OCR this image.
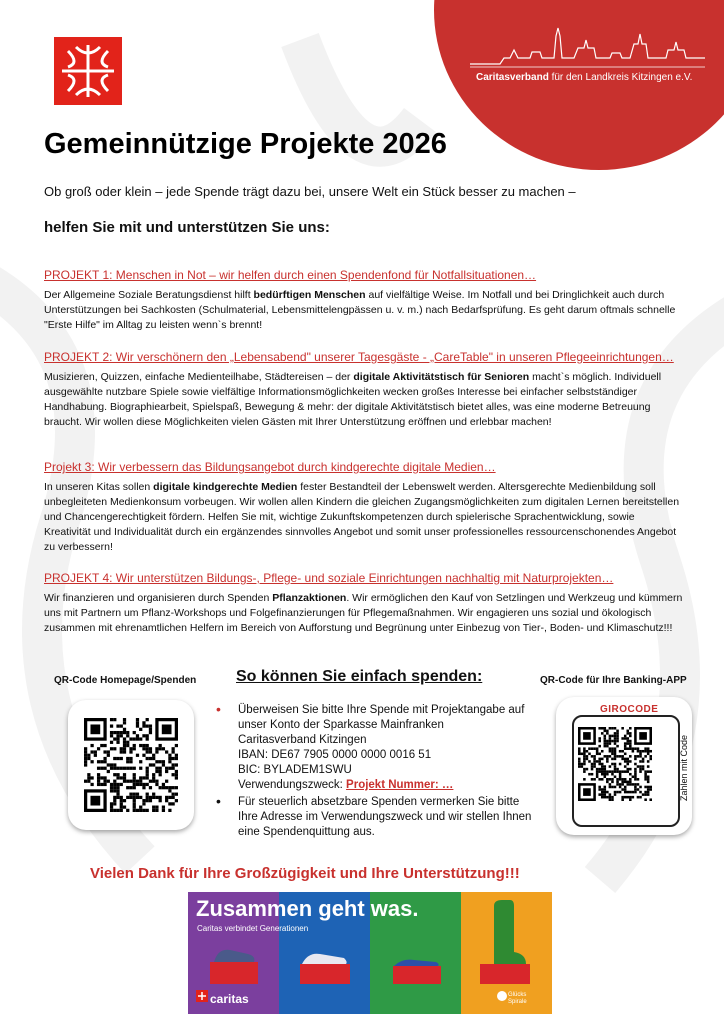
Caritasverband für den Landkreis Kitzingen e.V.
Gemeinnützige Projekte 2026
Ob groß oder klein – jede Spende trägt dazu bei, unsere Welt ein Stück besser zu machen –
helfen Sie mit und unterstützen Sie uns:

PROJEKT 1: Menschen in Not – wir helfen durch einen Spendenfond für Notfallsituationen…

Der Allgemeine Soziale Beratungsdienst hilft bedürftigen Menschen auf vielfältige Weise. Im Notfall und bei Dringlichkeit auch durch Unterstützungen bei Sachkosten (Schulmaterial, Lebensmittelengpässen u. v. m.) nach Bedarfsprüfung. Es geht darum oftmals schnelle "Erste Hilfe" im Alltag zu leisten wenn`s brennt!

PROJEKT 2: Wir verschönern den „Lebensabend" unserer Tagesgäste - „CareTable" in unseren Pflegeeinrichtungen…

Musizieren, Quizzen, einfache Medienteilhabe, Städtereisen – der digitale Aktivitätstisch für Senioren macht`s möglich. Individuell ausgewählte nutzbare Spiele sowie vielfältige Informationsmöglichkeiten wecken großes Interesse bei einfacher selbstständiger Handhabung. Biographiearbeit, Spielspaß, Bewegung & mehr: der digitale Aktivitätstisch bietet alles, was eine moderne Betreuung braucht. Wir wollen diese Möglichkeiten vielen Gästen mit Ihrer Unterstützung eröffnen und erlebbar machen!

Projekt 3: Wir verbessern das Bildungsangebot durch kindgerechte digitale Medien…

In unseren Kitas sollen digitale kindgerechte Medien fester Bestandteil der Lebenswelt werden. Altersgerechte Medienbildung soll unbegleiteten Medienkonsum vorbeugen. Wir wollen allen Kindern die gleichen Zugangsmöglichkeiten zum digitalen Lernen bereitstellen und Chancengerechtigkeit fördern. Helfen Sie mit, wichtige Zukunftskompetenzen durch spielerische Sprachentwicklung, sowie Kreativität und Individualität durch ein ergänzendes sinnvolles Angebot und somit unser professionelles ressourcenschonendes Angebot zu verbessern!

PROJEKT 4: Wir unterstützen Bildungs-, Pflege- und soziale Einrichtungen nachhaltig mit Naturprojekten…

Wir finanzieren und organisieren durch Spenden Pflanzaktionen. Wir ermöglichen den Kauf von Setzlingen und Werkzeug und kümmern uns mit Partnern um Pflanz-Workshops und Folgefinanzierungen für Pflegemaßnahmen. Wir engagieren uns sozial und ökologisch zusammen mit ehrenamtlichen Helfern im Bereich von Aufforstung und Begrünung unter Einbezug von Tier-, Boden- und Klimaschutz!!!

QR-Code Homepage/Spenden So können Sie einfach spenden:	QR-Code für Ihre Banking-APP
GIROCODE
Zahlen mit Code
• Überweisen Sie bitte Ihre Spende mit Projektangabe auf unser Konto der Sparkasse Mainfranken
Caritasverband Kitzingen
IBAN: DE67 7905 0000 0000 0016 51
BIC: BYLADEM1SWU
Verwendungszweck: Projekt Nummer: …
• Für steuerlich absetzbare Spenden vermerken Sie bitte Ihre Adresse im Verwendungszweck und wir stellen Ihnen eine Spendenquittung aus.
Vielen Dank für Ihre Großzügigkeit und Ihre Unterstützung!!!
Zusammen geht was.
Caritas verbindet Generationen
caritas	Glücks
Spirale
